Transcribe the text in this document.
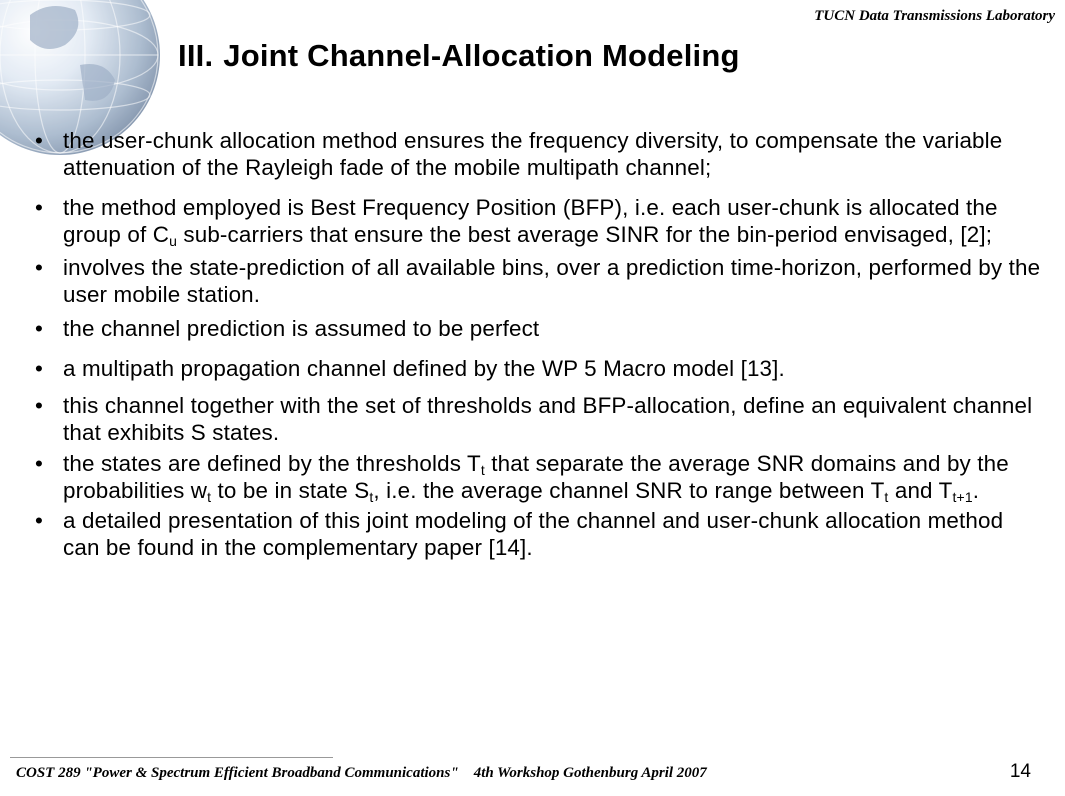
TUCN Data Transmissions Laboratory
III. Joint Channel-Allocation Modeling
• the user-chunk allocation method ensures the frequency diversity, to compensate the variable attenuation of the Rayleigh fade of the mobile multipath channel;
• the method employed is Best Frequency Position (BFP), i.e. each user-chunk is allocated the group of $C_u$ sub-carriers that ensure the best average SINR for the bin-period envisaged, [2];
• involves the state-prediction of all available bins, over a prediction time-horizon, performed by the user mobile station.
• the channel prediction is assumed to be perfect
• a multipath propagation channel defined by the WP 5 Macro model [13].
• this channel together with the set of thresholds and BFP-allocation, define an equivalent channel that exhibits S states.
• the states are defined by the thresholds $T_t$ that separate the average SNR domains and by the probabilities $w_t$ to be in state $S_t$, i.e. the average channel SNR to range between $T_t$ and $T_{t+1}$.
• a detailed presentation of this joint modeling of the channel and user-chunk allocation method can be found in the complementary paper [14].
COST 289 "Power & Spectrum Efficient Broadband Communications" 4th Workshop Gothenburg April 2007	14
